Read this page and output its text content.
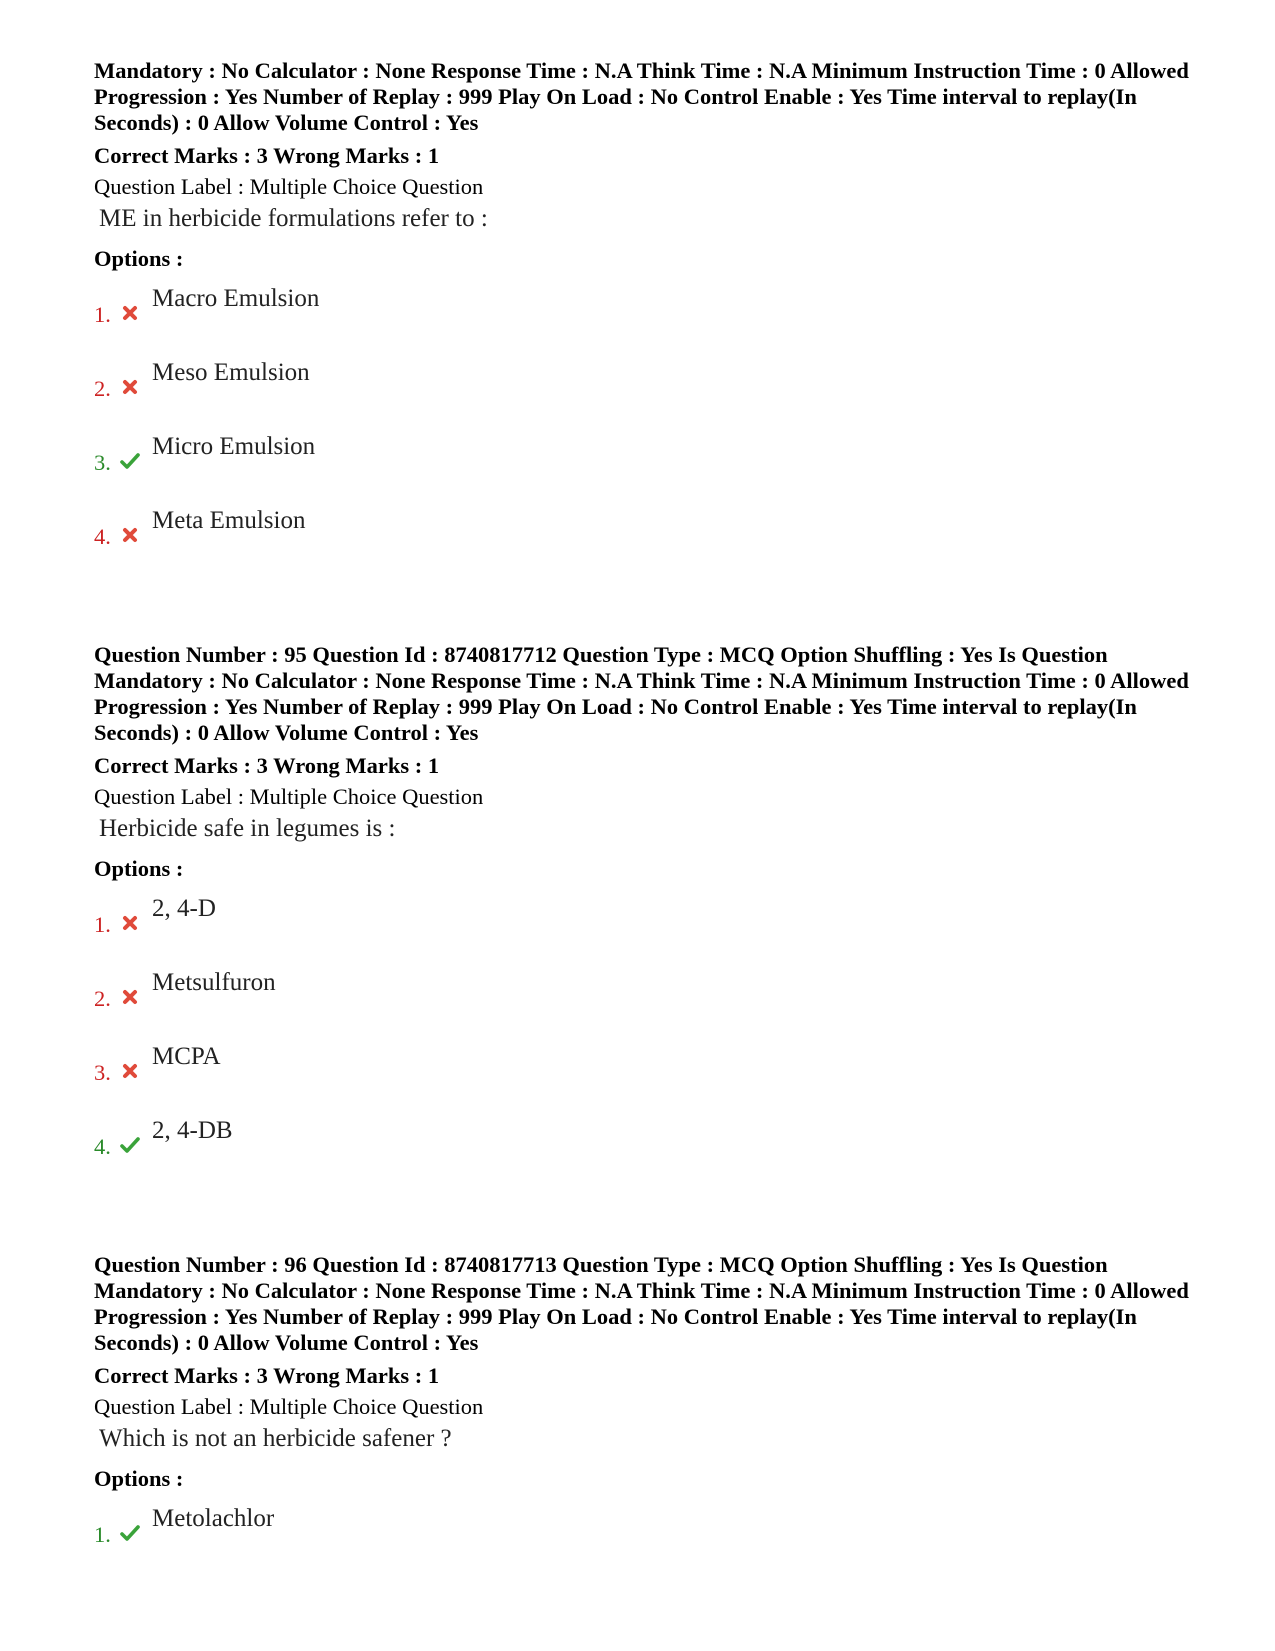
Mandatory : No Calculator : None Response Time : N.A Think Time : N.A Minimum Instruction Time : 0 Allowed Progression : Yes Number of Replay : 999 Play On Load : No Control Enable : Yes Time interval to replay(In Seconds) : 0 Allow Volume Control : Yes

Correct Marks : 3 Wrong Marks : 1
Question Label : Multiple Choice Question
ME in herbicide formulations refer to :
Options :
1.
Macro Emulsion
2.
Meso Emulsion
3.
Micro Emulsion
4.
Meta Emulsion

Question Number : 95 Question Id : 8740817712 Question Type : MCQ Option Shuffling : Yes Is Question Mandatory : No Calculator : None Response Time : N.A Think Time : N.A Minimum Instruction Time : 0 Allowed Progression : Yes Number of Replay : 999 Play On Load : No Control Enable : Yes Time interval to replay(In Seconds) : 0 Allow Volume Control : Yes

Correct Marks : 3 Wrong Marks : 1
Question Label : Multiple Choice Question
Herbicide safe in legumes is :
Options :
1.
2, 4-D
2.
Metsulfuron
3.
MCPA
4.
2, 4-DB

Question Number : 96 Question Id : 8740817713 Question Type : MCQ Option Shuffling : Yes Is Question Mandatory : No Calculator : None Response Time : N.A Think Time : N.A Minimum Instruction Time : 0 Allowed Progression : Yes Number of Replay : 999 Play On Load : No Control Enable : Yes Time interval to replay(In Seconds) : 0 Allow Volume Control : Yes

Correct Marks : 3 Wrong Marks : 1
Question Label : Multiple Choice Question
Which is not an herbicide safener ?
Options :
1.
Metolachlor
